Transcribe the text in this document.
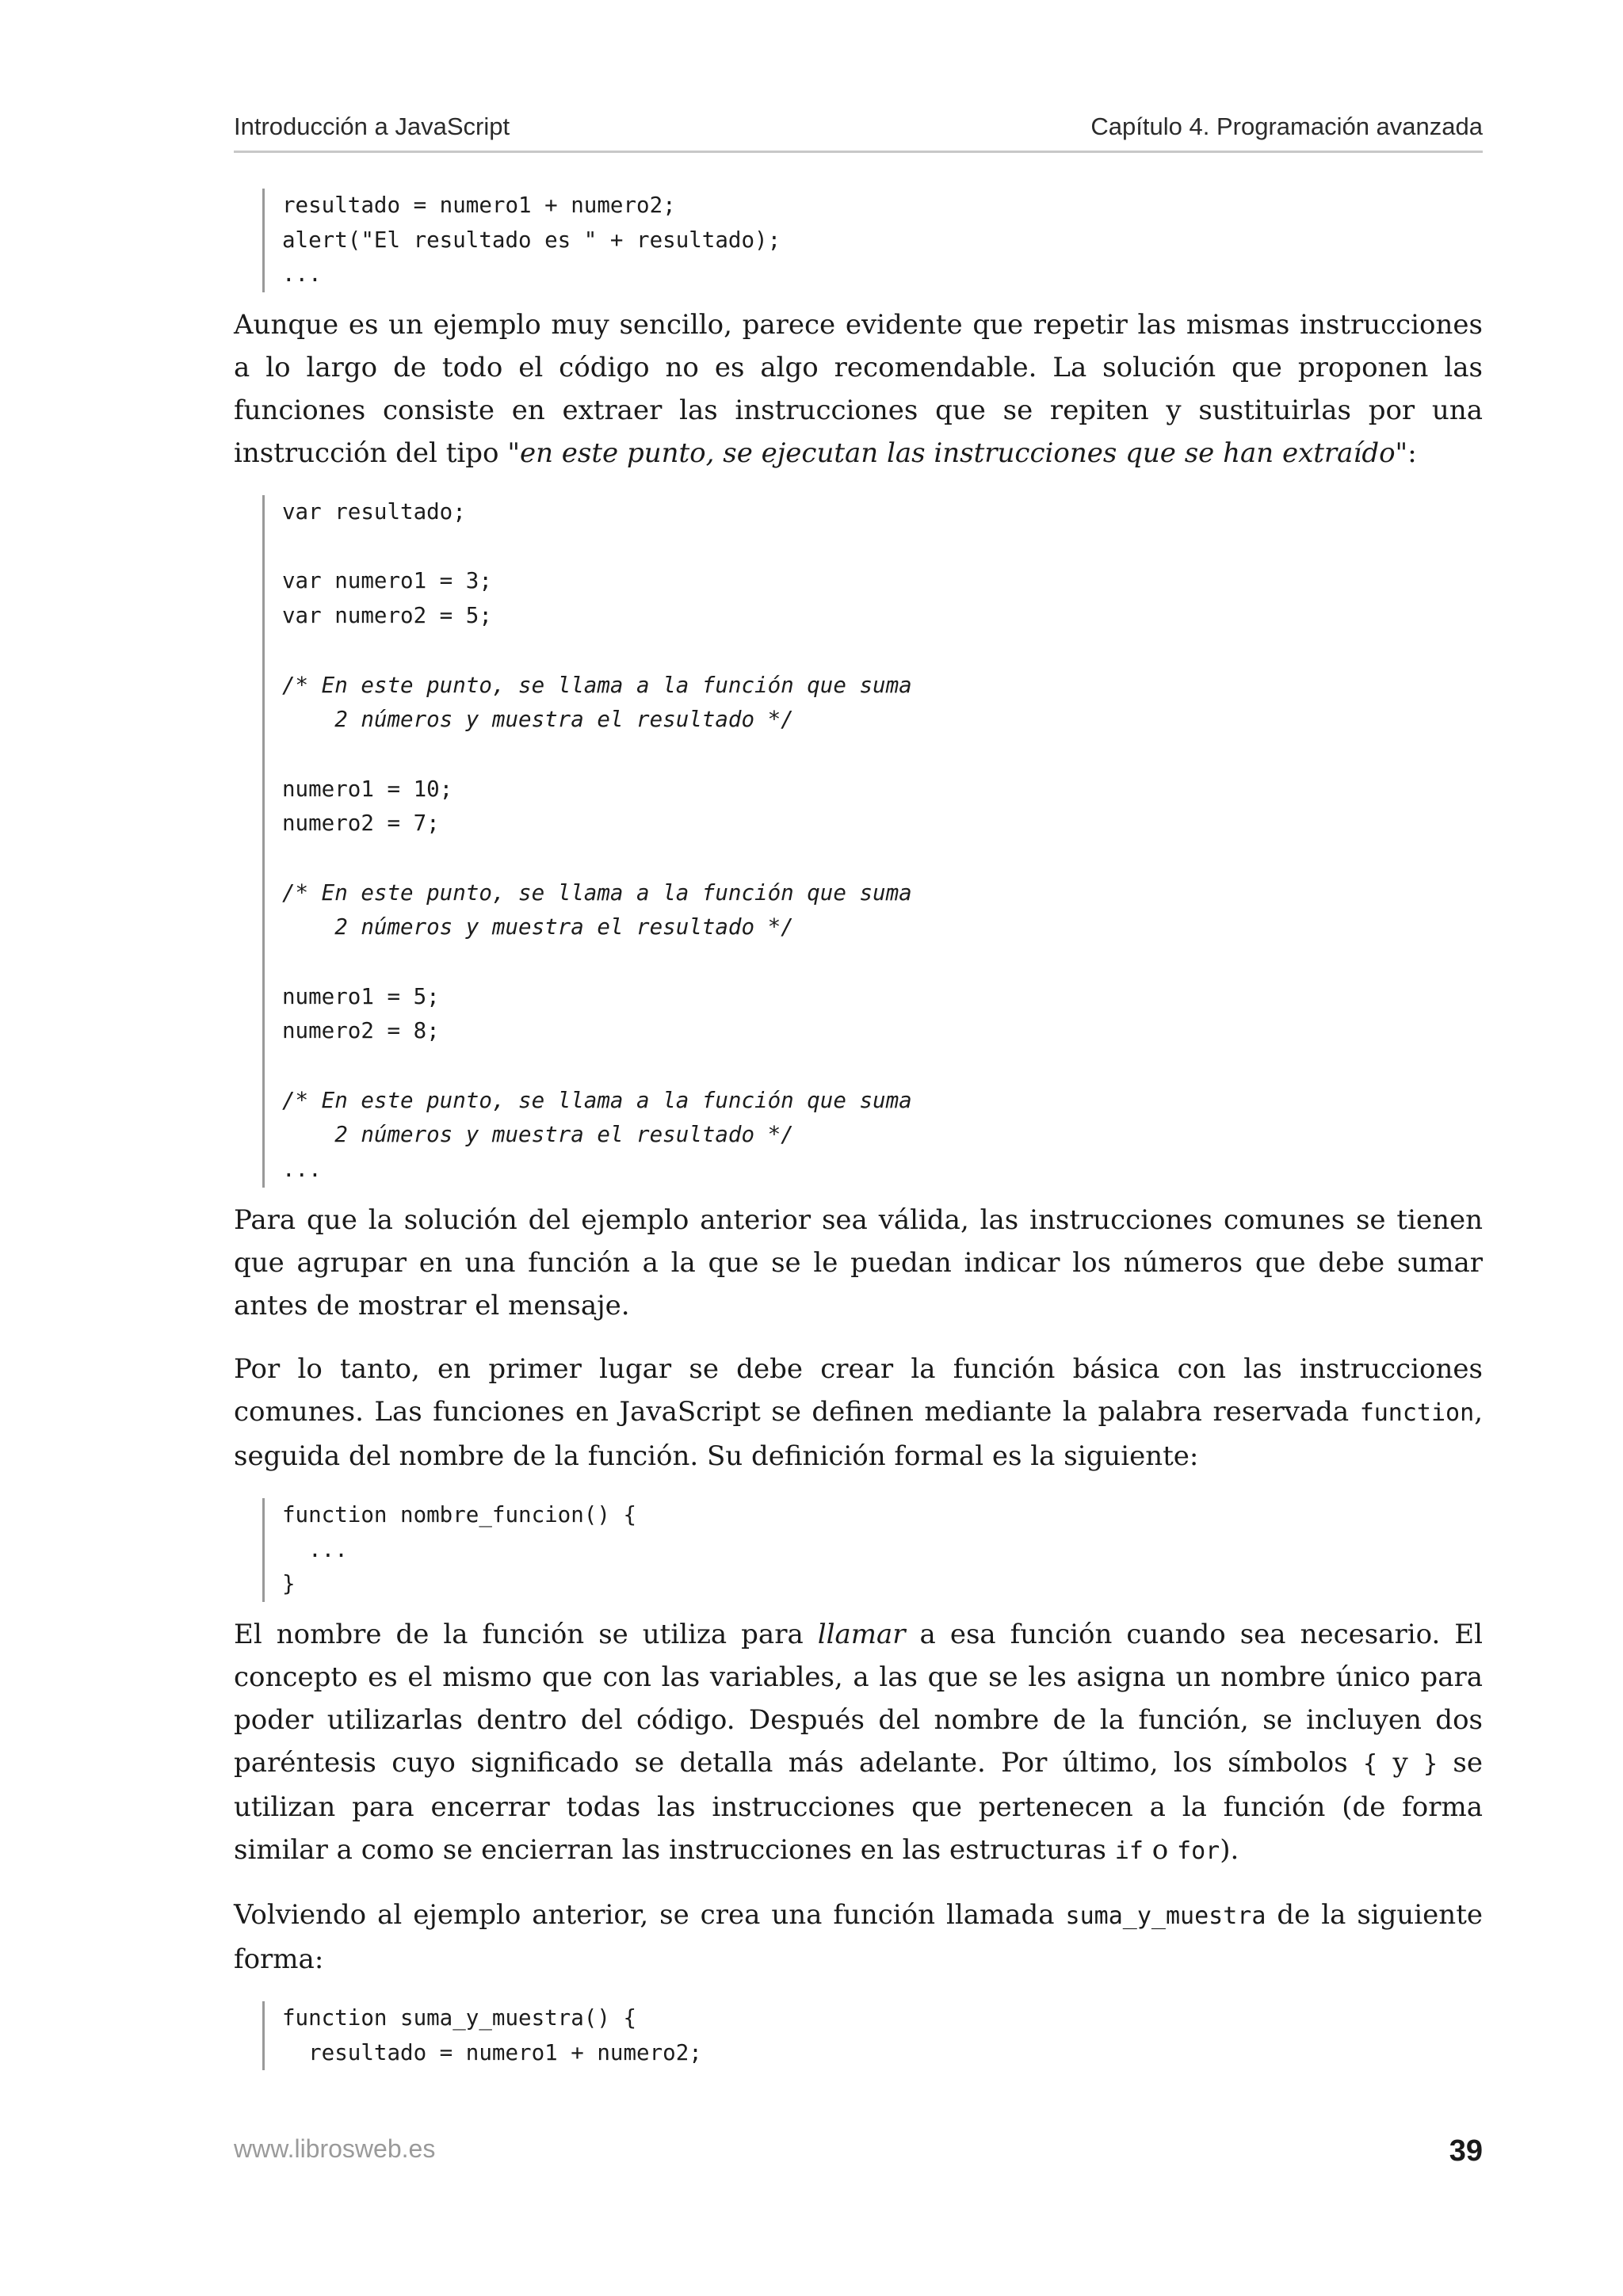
Introducción a JavaScript	Capítulo 4. Programación avanzada
resultado = numero1 + numero2;
alert("El resultado es " + resultado);
...

Aunque es un ejemplo muy sencillo, parece evidente que repetir las mismas instrucciones a lo largo de todo el código no es algo recomendable. La solución que proponen las funciones consiste en extraer las instrucciones que se repiten y sustituirlas por una instrucción del tipo "en este punto, se ejecutan las instrucciones que se han extraído":

var resultado;
var numero1 = 3;
var numero2 = 5;
/* En este punto, se llama a la función que suma
2 números y muestra el resultado */
numero1 = 10;
numero2 = 7;
/* En este punto, se llama a la función que suma
2 números y muestra el resultado */
numero1 = 5;
numero2 = 8;
/* En este punto, se llama a la función que suma
2 números y muestra el resultado */
...

Para que la solución del ejemplo anterior sea válida, las instrucciones comunes se tienen que agrupar en una función a la que se le puedan indicar los números que debe sumar antes de mostrar el mensaje.

Por lo tanto, en primer lugar se debe crear la función básica con las instrucciones comunes. Las funciones en JavaScript se definen mediante la palabra reservada function, seguida del nombre de la función. Su definición formal es la siguiente:

function nombre_funcion() {
...
}

El nombre de la función se utiliza para llamar a esa función cuando sea necesario. El concepto es el mismo que con las variables, a las que se les asigna un nombre único para poder utilizarlas dentro del código. Después del nombre de la función, se incluyen dos paréntesis cuyo significado se detalla más adelante. Por último, los símbolos { y } se utilizan para encerrar todas las instrucciones que pertenecen a la función (de forma similar a como se encierran las instrucciones en las estructuras if o for).

Volviendo al ejemplo anterior, se crea una función llamada suma_y_muestra de la siguiente forma:

function suma_y_muestra() {
resultado = numero1 + numero2;
www.librosweb.es	39
